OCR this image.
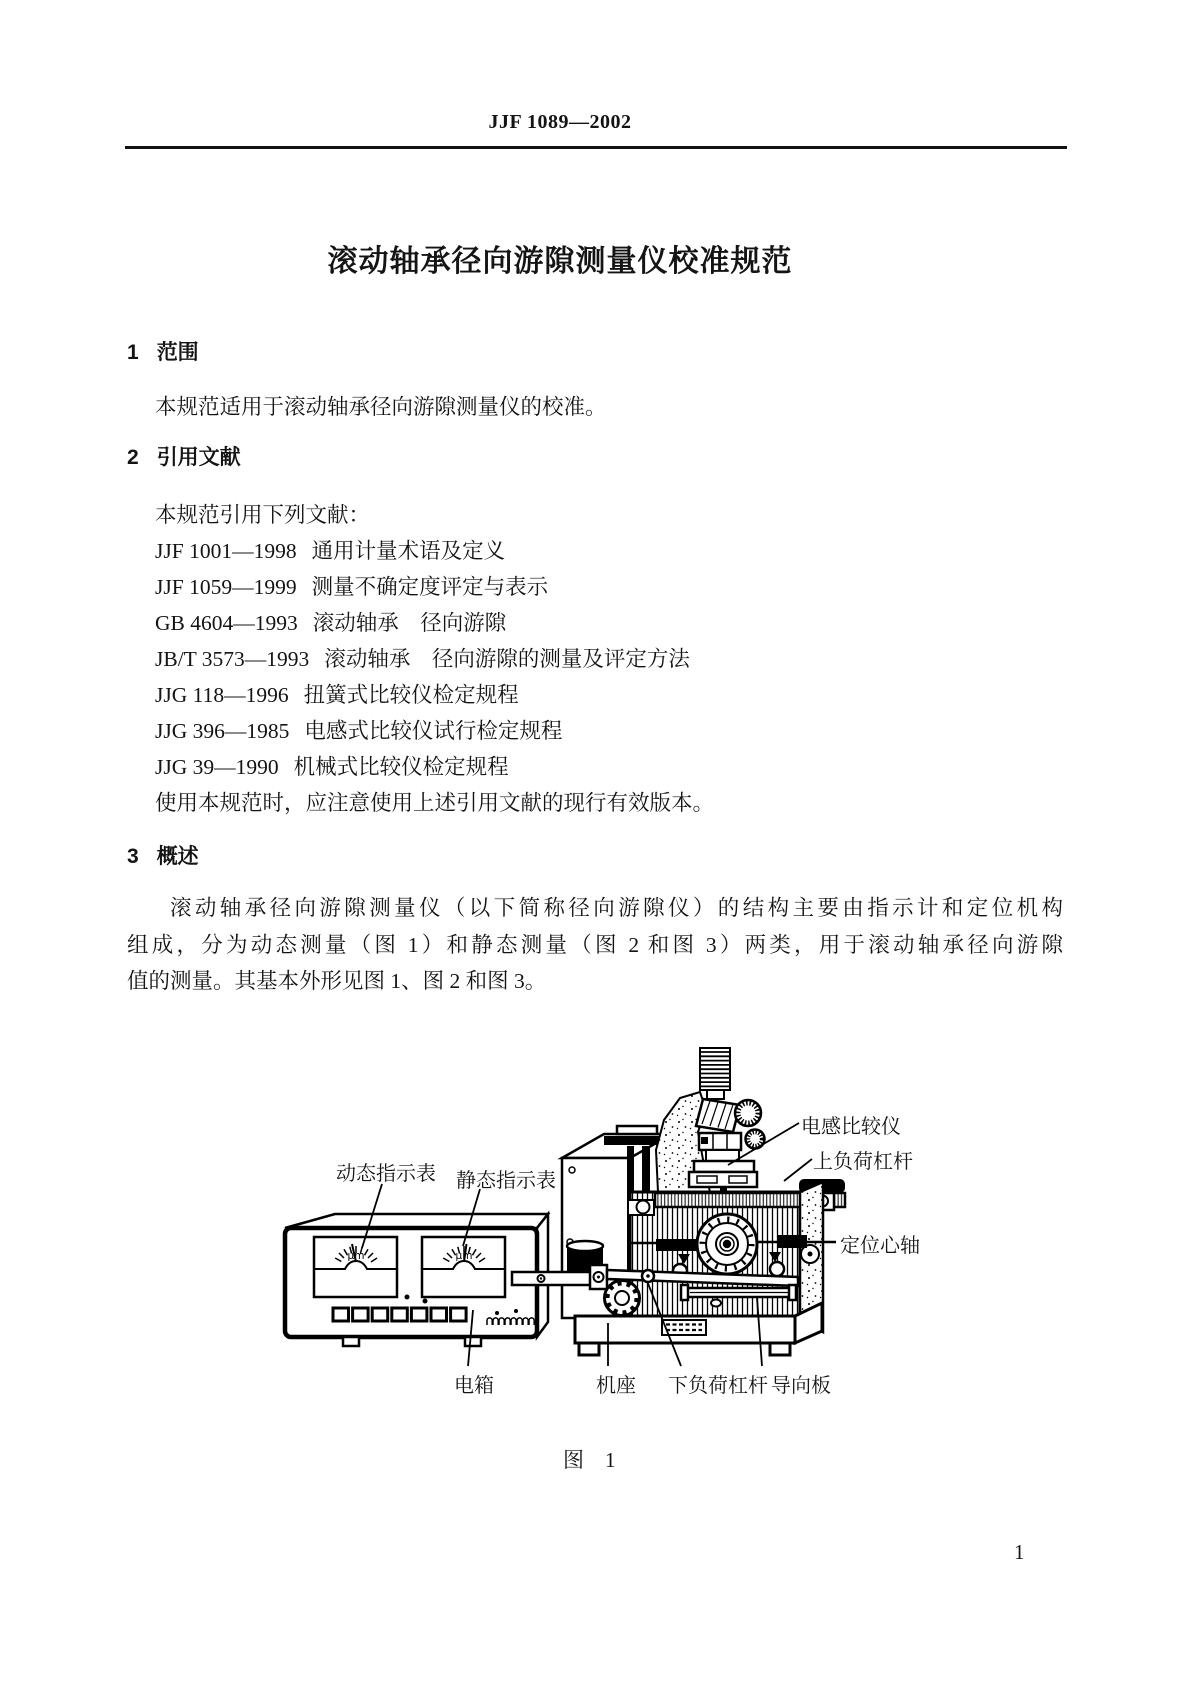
JJF 1089—2002
滚动轴承径向游隙测量仪校准规范
1 范围
本规范适用于滚动轴承径向游隙测量仪的校准。
2 引用文献
本规范引用下列文献：
JJF 1001—1998 通用计量术语及定义
JJF 1059—1999 测量不确定度评定与表示
GB 4604—1993 滚动轴承　径向游隙
JB/T 3573—1993 滚动轴承　径向游隙的测量及评定方法
JJG 118—1996 扭簧式比较仪检定规程
JJG 396—1985 电感式比较仪试行检定规程
JJG 39—1990 机械式比较仪检定规程
使用本规范时，应注意使用上述引用文献的现行有效版本。
3 概述
滚动轴承径向游隙测量仪（以下简称径向游隙仪）的结构主要由指示计和定位机构
组成，分为动态测量（图 1）和静态测量（图 2 和图 3）两类，用于滚动轴承径向游隙
值的测量。其基本外形见图 1、图 2 和图 3。
μm	μm
动态指示表 静态指示表
电感比较仪
上负荷杠杆
定位心轴
电箱	机座 下负荷杠杆 导向板
图　1
1
